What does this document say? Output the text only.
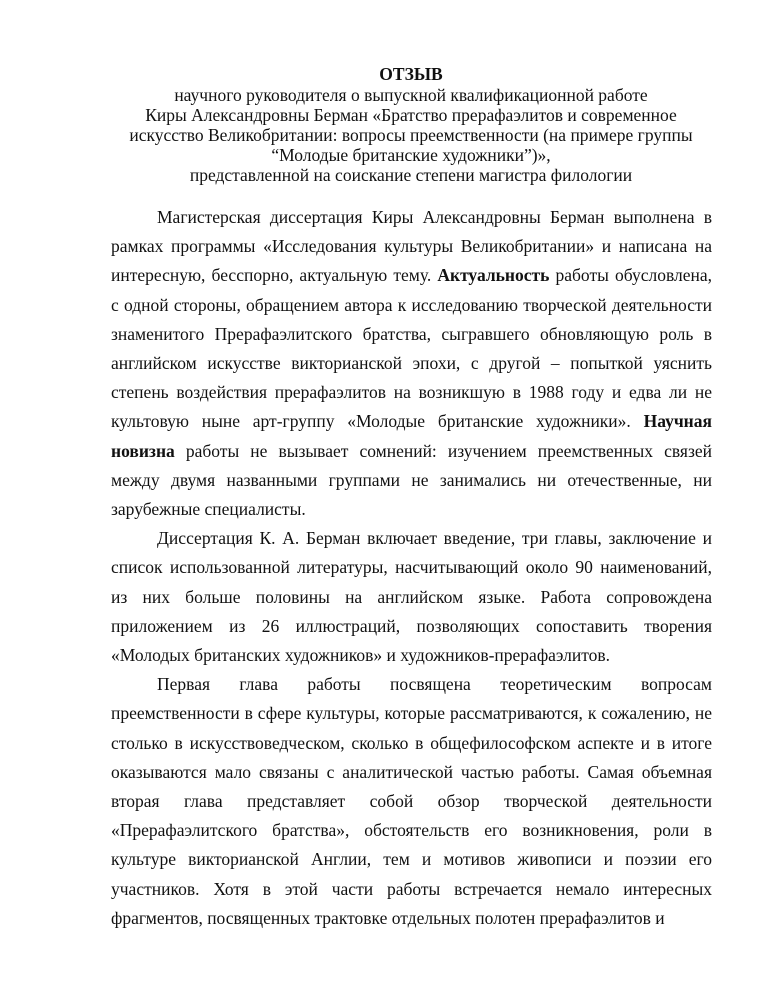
ОТЗЫВ
научного руководителя о выпускной квалификационной работе
Киры Александровны Берман «Братство прерафаэлитов и современное
искусство Великобритании: вопросы преемственности (на примере группы
“Молодые британские художники”)»,
представленной на соискание степени магистра филологии

Магистерская диссертация Киры Александровны Берман выполнена в рамках программы «Исследования культуры Великобритании» и написана на интересную, бесспорно, актуальную тему. Актуальность работы обусловлена, с одной стороны, обращением автора к исследованию творческой деятельности знаменитого Прерафаэлитского братства, сыгравшего обновляющую роль в английском искусстве викторианской эпохи, с другой – попыткой уяснить степень воздействия прерафаэлитов на возникшую в 1988 году и едва ли не культовую ныне арт-группу «Молодые британские художники». Научная новизна работы не вызывает сомнений: изучением преемственных связей между двумя названными группами не занимались ни отечественные, ни зарубежные специалисты.

Диссертация К. А. Берман включает введение, три главы, заключение и список использованной литературы, насчитывающий около 90 наименований, из них больше половины на английском языке. Работа сопровождена приложением из 26 иллюстраций, позволяющих сопоставить творения «Молодых британских художников» и художников-прерафаэлитов.

Первая глава работы посвящена теоретическим вопросам преемственности в сфере культуры, которые рассматриваются, к сожалению, не столько в искусствоведческом, сколько в общефилософском аспекте и в итоге оказываются мало связаны с аналитической частью работы. Самая объемная вторая глава представляет собой обзор творческой деятельности «Прерафаэлитского братства», обстоятельств его возникновения, роли в культуре викторианской Англии, тем и мотивов живописи и поэзии его участников. Хотя в этой части работы встречается немало интересных фрагментов, посвященных трактовке отдельных полотен прерафаэлитов и
